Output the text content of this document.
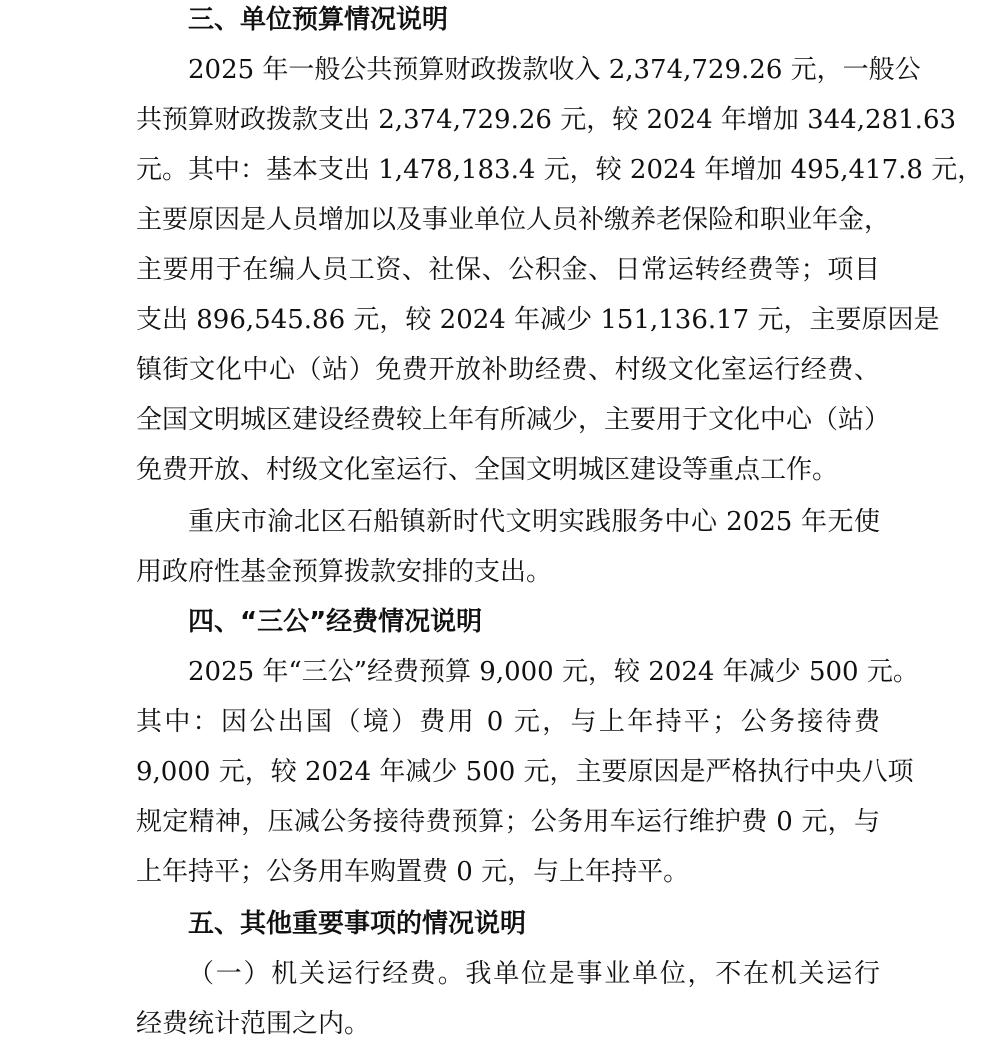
三、单位预算情况说明
2025 年一般公共预算财政拨款收入 2,374,729.26 元，一般公
共预算财政拨款支出 2,374,729.26 元，较 2024 年增加 344,281.63
元。其中：基本支出 1,478,183.4 元，较 2024 年增加 495,417.8 元，
主要原因是人员增加以及事业单位人员补缴养老保险和职业年金，
主要用于在编人员工资、社保、公积金、日常运转经费等；项目
支出 896,545.86 元，较 2024 年减少 151,136.17 元，主要原因是
镇街文化中心（站）免费开放补助经费、村级文化室运行经费、
全国文明城区建设经费较上年有所减少，主要用于文化中心（站）
免费开放、村级文化室运行、全国文明城区建设等重点工作。
重庆市渝北区石船镇新时代文明实践服务中心 2025 年无使
用政府性基金预算拨款安排的支出。
四、“三公”经费情况说明
2025 年“三公”经费预算 9,000 元，较 2024 年减少 500 元。
其中：因公出国（境）费用 0 元，与上年持平；公务接待费
9,000 元，较 2024 年减少 500 元，主要原因是严格执行中央八项
规定精神，压减公务接待费预算；公务用车运行维护费 0 元，与
上年持平；公务用车购置费 0 元，与上年持平。
五、其他重要事项的情况说明
（一）机关运行经费。我单位是事业单位，不在机关运行
经费统计范围之内。
